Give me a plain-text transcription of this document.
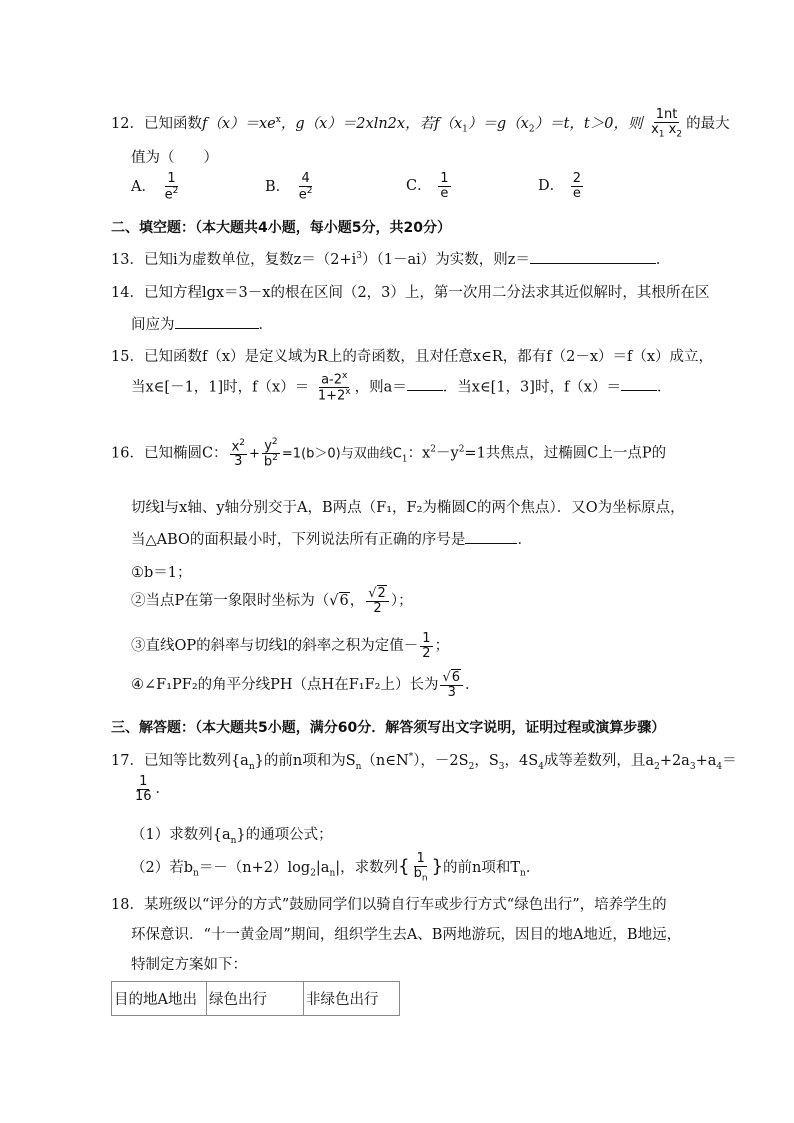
12．已知函数$f(x)=xe^x$，g（x）＝2xln2x，若$f(x_1)=g(x_2)=t$，t＞0，则 $\frac{1nt}{x_1 x_2}$ 的最大
值为（　　）
A． $\frac{1}{e^2}$	B． $\frac{4}{e^2}$	C． $\frac{1}{e}$	D． $\frac{2}{e}$
二、填空题：（本大题共4小题，每小题5分，共20分）
13．已知i为虚数单位，复数$z=(2+i^3)(1-ai)$为实数，则z＝	．
14．已知方程lgx＝3－x的根在区间（2，3）上，第一次用二分法求其近似解时，其根所在区
间应为	．
15．已知函数f（x）是定义域为R上的奇函数，且对任意x∈R，都有f（2－x）＝f（x）成立，
当x∈[－1，1]时，$f(x)= \frac{a-2^x}{1+2^x}$ ，则a＝ ．当x∈[1，3]时，f（x）＝ ．
16．已知椭圆C： $\frac{x^2}{3} + \frac{y^2}{b^2} =1(b>0)$与双曲线$C_1$：$x^2-y^2=1$共焦点，过椭圆C上一点P的
切线l与x轴、y轴分别交于A，B两点（F₁，F₂为椭圆C的两个焦点）．又O为坐标原点，
当△ABO的面积最小时，下列说法所有正确的序号是	．
①b＝1；
②当点P在第一象限时坐标为（√6， $\frac{√2}{2}$ ）；
③直线OP的斜率与切线l的斜率之积为定值－ $\frac{1}{2}$ ；
④∠F₁PF₂的角平分线PH（点H在F₁F₂上）长为 $\frac{√6}{3}$ ．
三、解答题：（本大题共5小题，满分60分．解答须写出文字说明，证明过程或演算步骤）
17．已知等比数列$\{a_n\}$的前n项和为$S_n(n\in N^*)$，$-2S_2$，$S_3$，$4S_4$成等差数列，且$a_2+2a_3+a_4=$
$\frac{1}{16}$ ．
（1）求数列$\{a_n\}$的通项公式；
（2）若$b_n=-(n+2)\log_2|a_n|$，求数列{ $\frac{1}{b_n}$ }的前n项和$T_n$．
18．某班级以“评分的方式”鼓励同学们以骑自行车或步行方式“绿色出行”，培养学生的
环保意识．“十一黄金周”期间，组织学生去A、B两地游玩，因目的地A地近，B地远，
特制定方案如下：
目的地A地出	绿色出行	非绿色出行
